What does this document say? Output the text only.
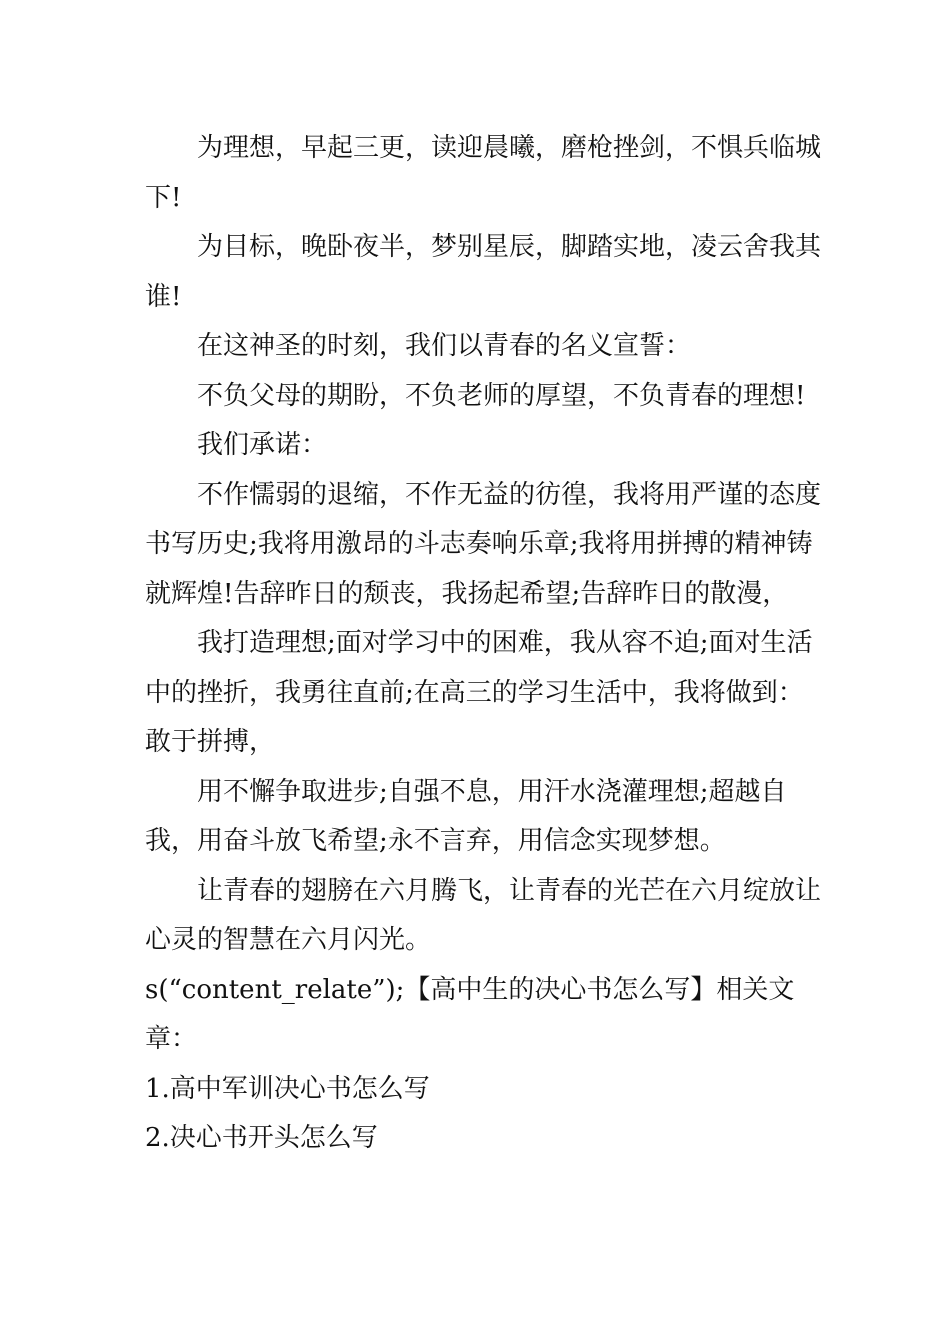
为理想，早起三更，读迎晨曦，磨枪挫剑，不惧兵临城下!

为目标，晚卧夜半，梦别星辰，脚踏实地，凌云舍我其谁!

在这神圣的时刻，我们以青春的名义宣誓：

不负父母的期盼，不负老师的厚望，不负青春的理想!

我们承诺：

不作懦弱的退缩，不作无益的彷徨，我将用严谨的态度书写历史;我将用激昂的斗志奏响乐章;我将用拼搏的精神铸就辉煌!告辞昨日的颓丧，我扬起希望;告辞昨日的散漫，

我打造理想;面对学习中的困难，我从容不迫;面对生活中的挫折，我勇往直前;在高三的学习生活中，我将做到：敢于拼搏，

用不懈争取进步;自强不息，用汗水浇灌理想;超越自我，用奋斗放飞希望;永不言弃，用信念实现梦想。

让青春的翅膀在六月腾飞，让青春的光芒在六月绽放让心灵的智慧在六月闪光。

s(“content_relate”);【高中生的决心书怎么写】相关文章：

1.高中军训决心书怎么写

2.决心书开头怎么写
